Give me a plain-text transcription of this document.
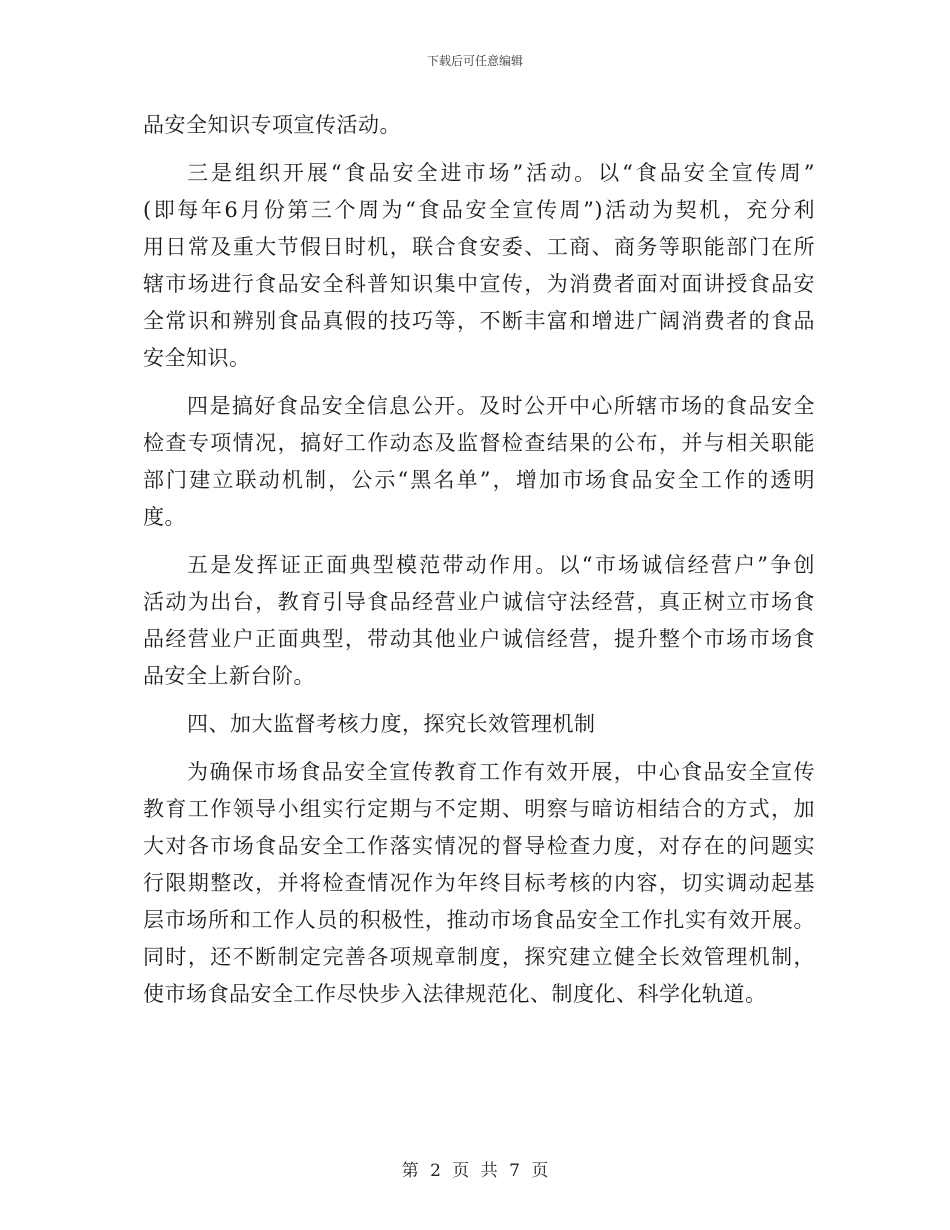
下载后可任意编辑
品安全知识专项宣传活动。
三是组织开展“食品安全进市场”活动。以“食品安全宣传周”
(即每年6月份第三个周为“食品安全宣传周”)活动为契机，充分利
用日常及重大节假日时机，联合食安委、工商、商务等职能部门在所
辖市场进行食品安全科普知识集中宣传，为消费者面对面讲授食品安
全常识和辨别食品真假的技巧等，不断丰富和增进广阔消费者的食品
安全知识。
四是搞好食品安全信息公开。及时公开中心所辖市场的食品安全
检查专项情况，搞好工作动态及监督检查结果的公布，并与相关职能
部门建立联动机制，公示“黑名单”，增加市场食品安全工作的透明
度。
五是发挥证正面典型模范带动作用。以“市场诚信经营户”争创
活动为出台，教育引导食品经营业户诚信守法经营，真正树立市场食
品经营业户正面典型，带动其他业户诚信经营，提升整个市场市场食
品安全上新台阶。
四、加大监督考核力度，探究长效管理机制
为确保市场食品安全宣传教育工作有效开展，中心食品安全宣传
教育工作领导小组实行定期与不定期、明察与暗访相结合的方式，加
大对各市场食品安全工作落实情况的督导检查力度，对存在的问题实
行限期整改，并将检查情况作为年终目标考核的内容，切实调动起基
层市场所和工作人员的积极性，推动市场食品安全工作扎实有效开展。
同时，还不断制定完善各项规章制度，探究建立健全长效管理机制，
使市场食品安全工作尽快步入法律规范化、制度化、科学化轨道。
第 2 页 共 7 页
